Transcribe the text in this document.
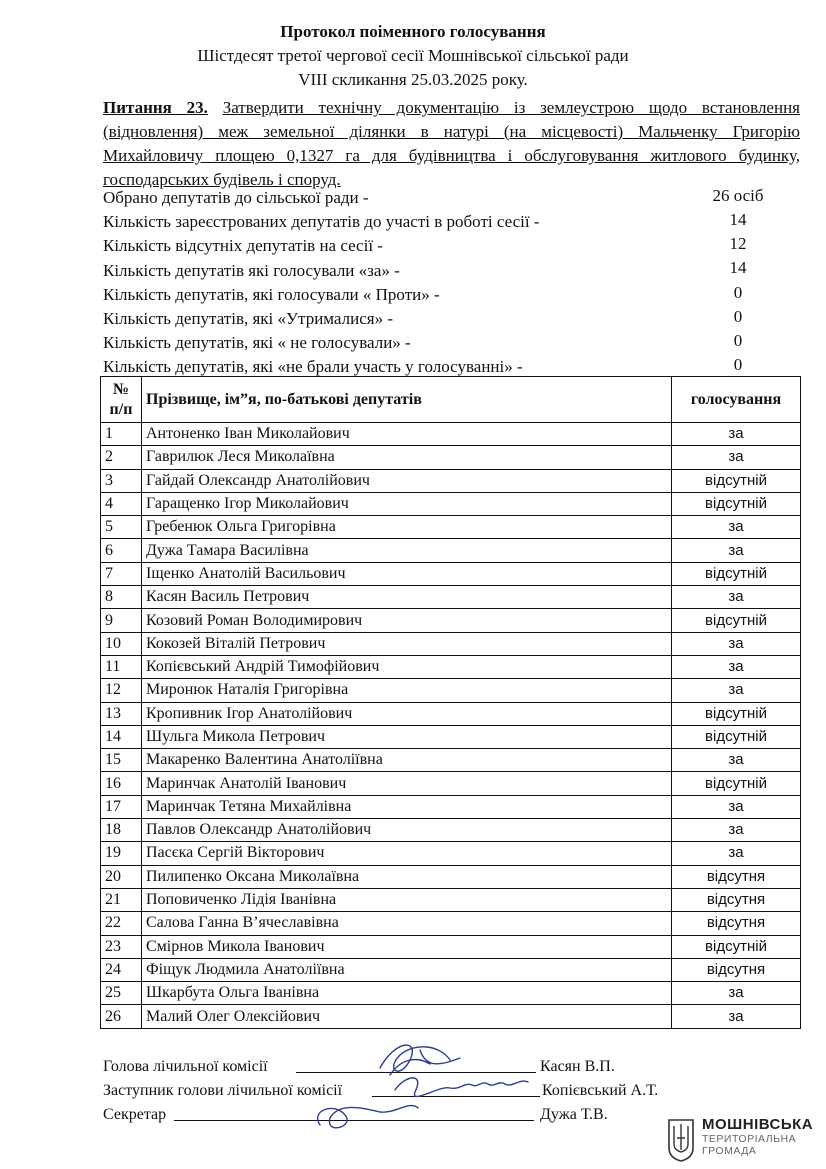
Протокол поіменного голосування
Шістдесят третої чергової сесії Мошнівської сільської ради
VIII скликання 25.03.2025 року.
Питання 23. Затвердити технічну документацію із землеустрою щодо встановлення (відновлення) меж земельної ділянки в натурі (на місцевості) Мальченку Григорію Михайловичу площею 0,1327 га для будівництва і обслуговування житлового будинку, господарських будівель і споруд.
Обрано депутатів до сільської ради -	26 осіб
Кількість зареєстрованих депутатів до участі в роботі сесії -	14
Кількість відсутніх депутатів на сесії -	12
Кількість депутатів які голосували «за» -	14
Кількість депутатів, які голосували « Проти» -	0
Кількість депутатів, які «Утрималися» -	0
Кількість депутатів, які « не голосували» -	0
Кількість депутатів, які «не брали участь у голосуванні» -	0
№
п/п	Прізвище, ім”я, по-батькові депутатів	голосування
1	Антоненко Іван Миколайович	за
2	Гаврилюк Леся Миколаївна	за
3	Гайдай Олександр Анатолійович	відсутній
4	Гаращенко Ігор Миколайович	відсутній
5	Гребенюк Ольга Григорівна	за
6	Дужа Тамара Василівна	за
7	Іщенко Анатолій Васильович	відсутній
8	Касян Василь Петрович	за
9	Козовий Роман Володимирович	відсутній
10	Кокозей Віталій Петрович	за
11	Копієвський Андрій Тимофійович	за
12	Миронюк Наталія Григорівна	за
13	Кропивник Ігор Анатолійович	відсутній
14	Шульга Микола Петрович	відсутній
15	Макаренко Валентина Анатоліївна	за
16	Маринчак Анатолій Іванович	відсутній
17	Маринчак Тетяна Михайлівна	за
18	Павлов Олександр Анатолійович	за
19	Пасєка Сергій Вікторович	за
20	Пилипенко Оксана Миколаївна	відсутня
21	Поповиченко Лідія Іванівна	відсутня
22	Салова Ганна В’ячеславівна	відсутня
23	Смірнов Микола Іванович	відсутній
24	Фіщук Людмила Анатоліївна	відсутня
25	Шкарбута Ольга Іванівна	за
26	Малий Олег Олексійович	за
Голова лічильної комісії	Касян В.П.
Заступник голови лічильної комісії	Копієвський А.Т.
Секретар	Дужа Т.В.
МОШНІВСЬКА
ТЕРИТОРІАЛЬНА
ГРОМАДА
